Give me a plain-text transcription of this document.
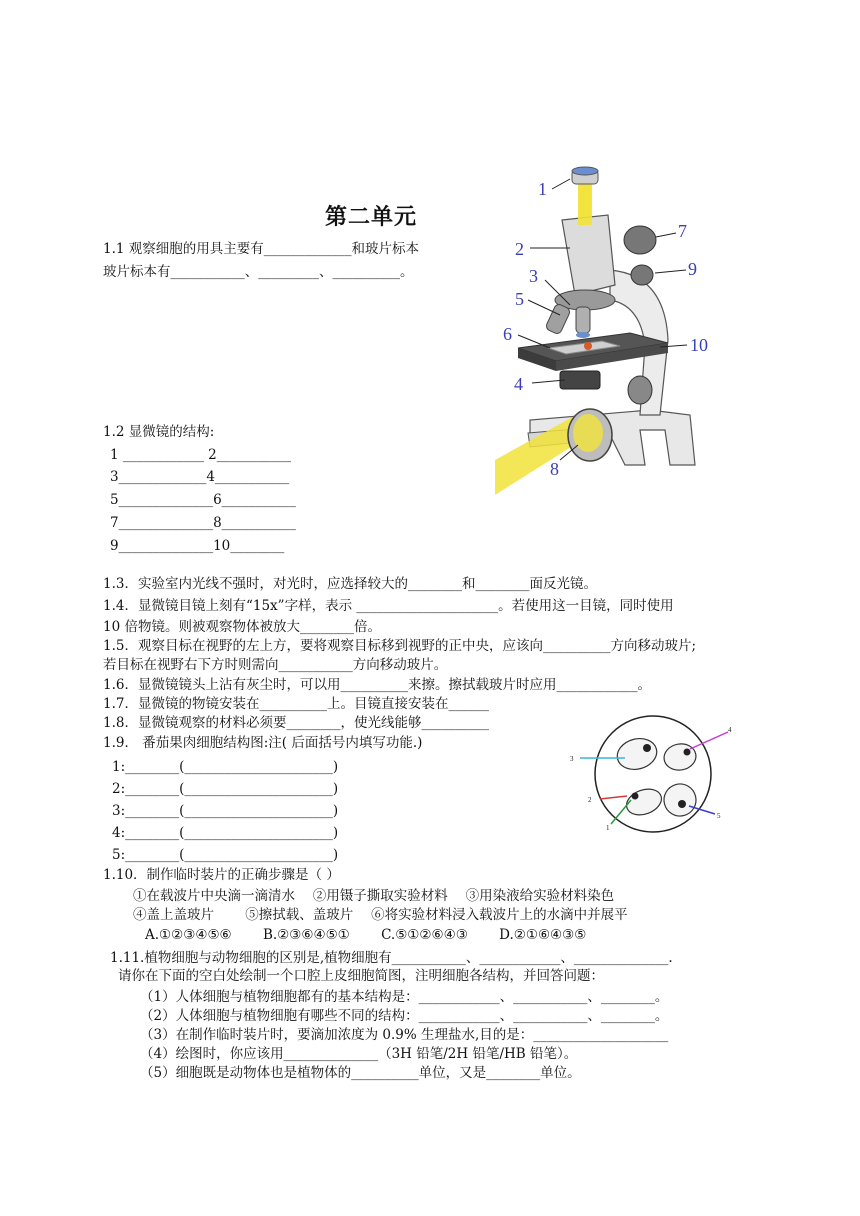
第二单元
1.1 观察细胞的用具主要有_____________和玻片标本
玻片标本有___________、_________、__________。
1.2 显微镜的结构:
1 ____________ 2___________
3_____________4___________
5______________6___________
7______________8___________
9______________10________
1
2
3
5
6
4
8
7
9
10
1.3．实验室内光线不强时，对光时，应选择较大的________和________面反光镜。
1.4．显微镜目镜上刻有“15x”字样，表示 _____________________。若使用这一目镜，同时使用
10 倍物镜。则被观察物体被放大________倍。
1.5．观察目标在视野的左上方，要将观察目标移到视野的正中央，应该向__________方向移动玻片;
若目标在视野右下方时则需向___________方向移动玻片。
1.6．显微镜镜头上沾有灰尘时，可以用__________来擦。擦拭载玻片时应用____________。
1.7．显微镜的物镜安装在__________上。目镜直接安装在______
1.8．显微镜观察的材料必须要________，使光线能够__________
1.9． 番茄果肉细胞结构图:注( 后面括号内填写功能.)
1:________(______________________)
2:________(______________________)
3:________(______________________)
4:________(______________________)
5:________(______________________)
3
4
2
1
5
1.10．制作临时装片的正确步骤是（ ）
①在载波片中央滴一滴清水　 ②用镊子撕取实验材料　 ③用染液给实验材料染色
④盖上盖玻片　　 ⑤擦拭载、盖玻片　 ⑥将实验材料浸入载波片上的水滴中并展平
A.①②③④⑤⑥　　 B.②③⑥④⑤①　　 C.⑤①②⑥④③　　 D.②①⑥④③⑤
1.11.植物细胞与动物细胞的区别是,植物细胞有___________、____________、______________.
请你在下面的空白处绘制一个口腔上皮细胞简图，注明细胞各结构，并回答问题：
（1）人体细胞与植物细胞都有的基本结构是：____________、___________、________。
（2）人体细胞与植物细胞有哪些不同的结构：____________、___________、________。
（3）在制作临时装片时，要滴加浓度为 0.9% 生理盐水,目的是：____________________
（4）绘图时，你应该用______________（3H 铅笔/2H 铅笔/HB 铅笔）。
（5）细胞既是动物体也是植物体的__________单位，又是________单位。
